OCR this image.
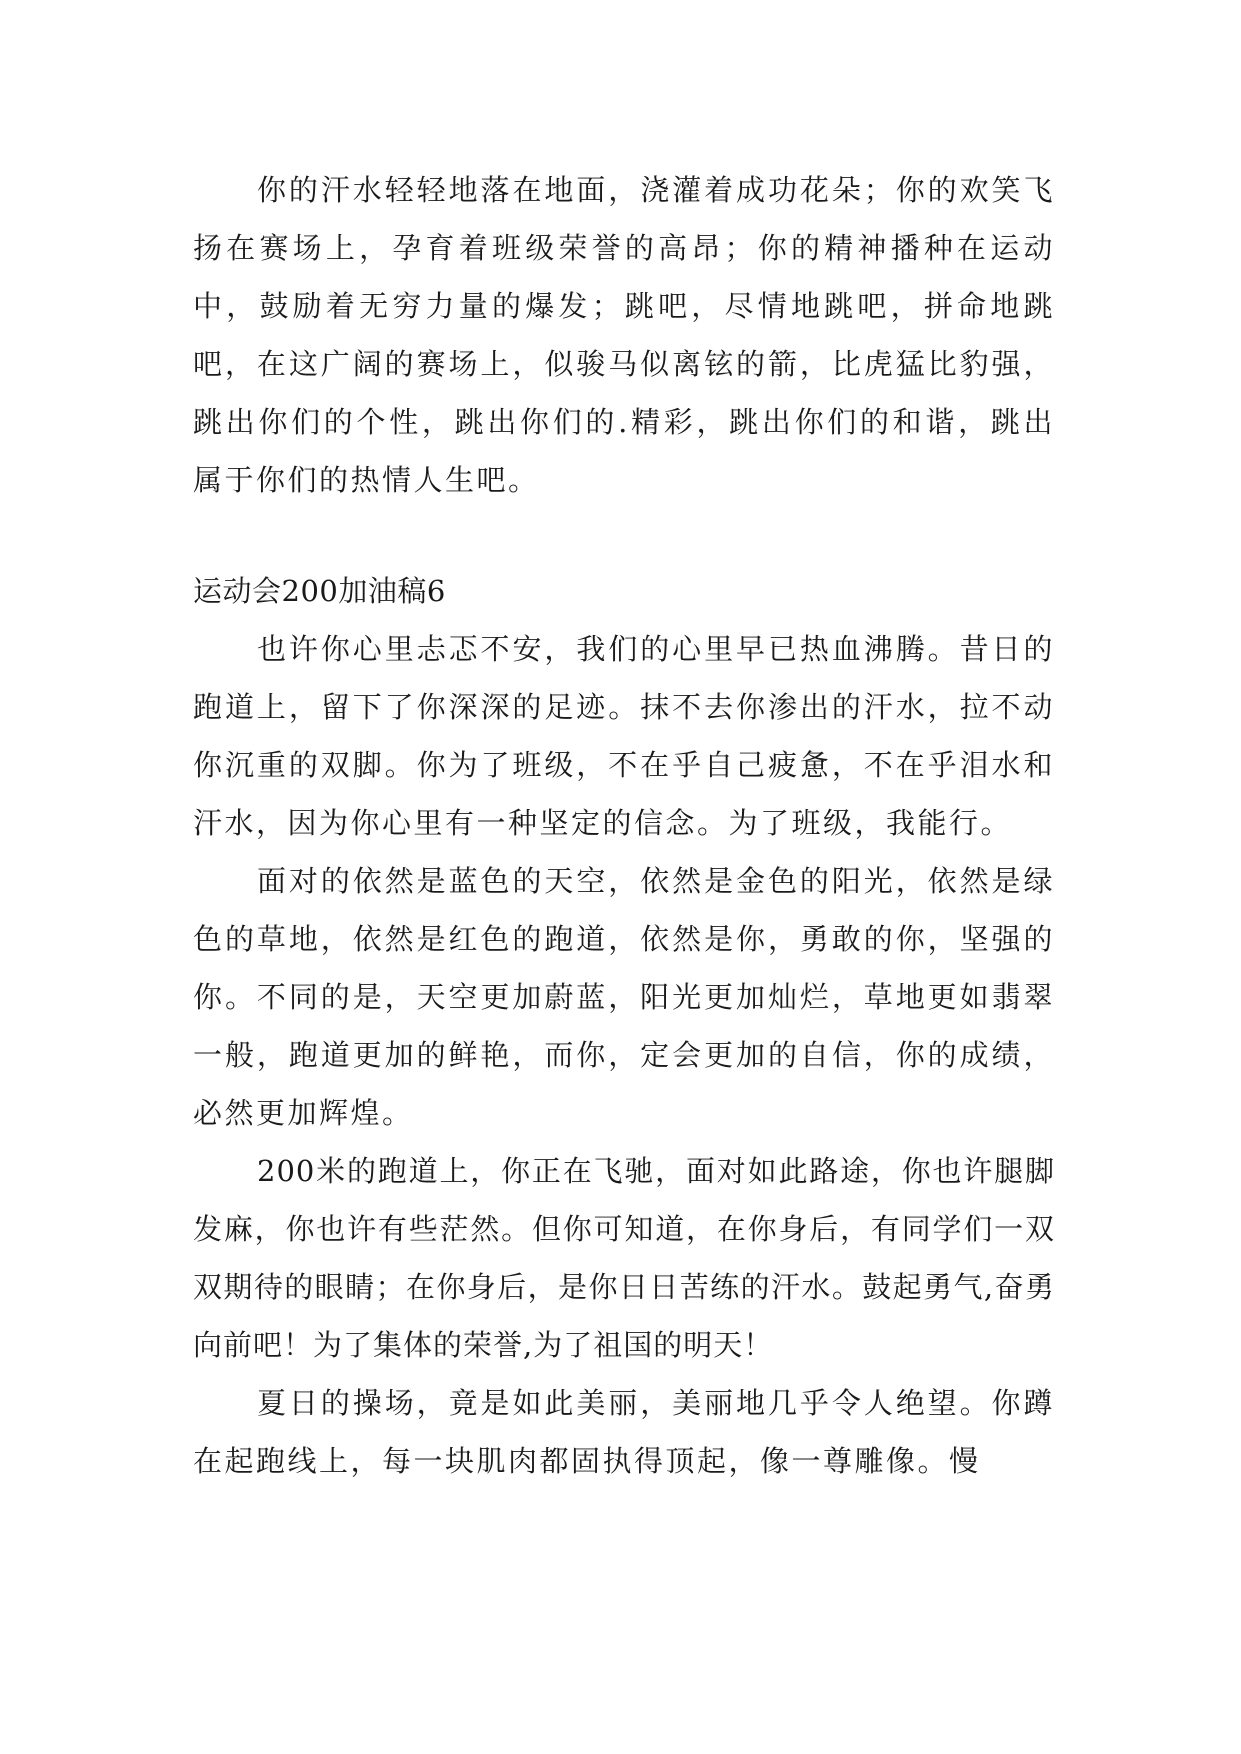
你的汗水轻轻地落在地面，浇灌着成功花朵；你的欢笑飞扬在赛场上，孕育着班级荣誉的高昂；你的精神播种在运动中，鼓励着无穷力量的爆发；跳吧，尽情地跳吧，拼命地跳吧，在这广阔的赛场上，似骏马似离铉的箭，比虎猛比豹强，跳出你们的个性，跳出你们的.精彩，跳出你们的和谐，跳出属于你们的热情人生吧。

运动会200加油稿6

也许你心里忐忑不安，我们的心里早已热血沸腾。昔日的跑道上，留下了你深深的足迹。抹不去你渗出的汗水，拉不动你沉重的双脚。你为了班级，不在乎自己疲惫，不在乎泪水和汗水，因为你心里有一种坚定的信念。为了班级，我能行。

面对的依然是蓝色的天空，依然是金色的阳光，依然是绿色的草地，依然是红色的跑道，依然是你，勇敢的你，坚强的你。不同的是，天空更加蔚蓝，阳光更加灿烂，草地更如翡翠一般，跑道更加的鲜艳，而你，定会更加的自信，你的成绩，必然更加辉煌。

200米的跑道上，你正在飞驰，面对如此路途，你也许腿脚发麻，你也许有些茫然。但你可知道，在你身后，有同学们一双双期待的眼睛；在你身后，是你日日苦练的汗水。鼓起勇气,奋勇向前吧！为了集体的荣誉,为了祖国的明天！

夏日的操场，竟是如此美丽，美丽地几乎令人绝望。你蹲在起跑线上，每一块肌肉都固执得顶起，像一尊雕像。慢
